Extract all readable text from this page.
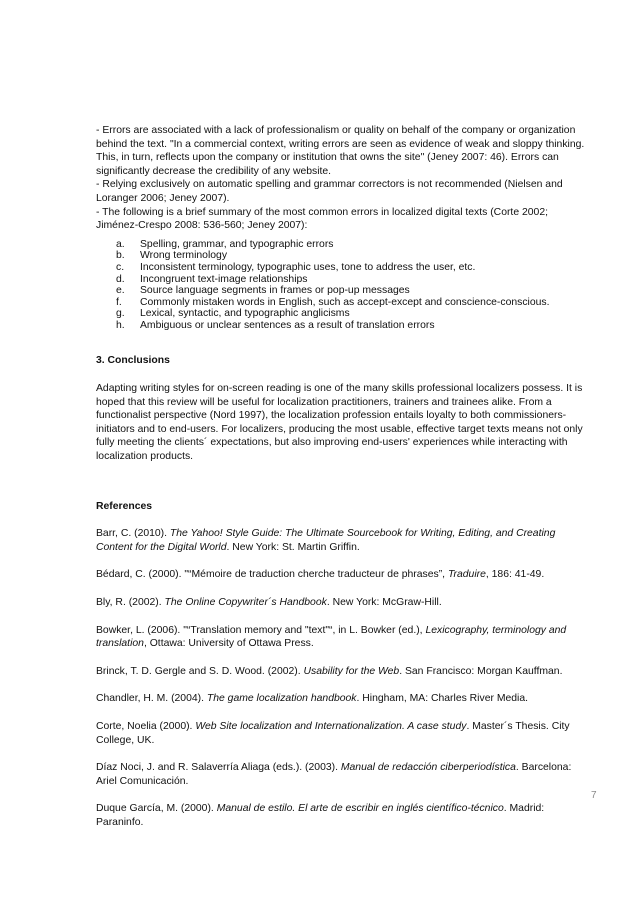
- Errors are associated with a lack of professionalism or quality on behalf of the company or organization behind the text. "In a commercial context, writing errors are seen as evidence of weak and sloppy thinking. This, in turn, reflects upon the company or institution that owns the site" (Jeney 2007: 46). Errors can significantly decrease the credibility of any website.

- Relying exclusively on automatic spelling and grammar correctors is not recommended (Nielsen and Loranger 2006; Jeney 2007).

- The following is a brief summary of the most common errors in localized digital texts (Corte 2002; Jiménez-Crespo 2008: 536-560; Jeney 2007):

a.	Spelling, grammar, and typographic errors
b.	Wrong terminology
c.	Inconsistent terminology, typographic uses, tone to address the user, etc.
d.	Incongruent text-image relationships
e.	Source language segments in frames or pop-up messages
f.	Commonly mistaken words in English, such as accept-except and conscience-conscious.
g.	Lexical, syntactic, and typographic anglicisms
h.	Ambiguous or unclear sentences as a result of translation errors
3. Conclusions

Adapting writing styles for on-screen reading is one of the many skills professional localizers possess. It is hoped that this review will be useful for localization practitioners, trainers and trainees alike. From a functionalist perspective (Nord 1997), the localization profession entails loyalty to both commissioners-initiators and to end-users. For localizers, producing the most usable, effective target texts means not only fully meeting the clients´ expectations, but also improving end-users' experiences while interacting with localization products.

References

Barr, C. (2010). The Yahoo! Style Guide: The Ultimate Sourcebook for Writing, Editing, and Creating Content for the Digital World. New York: St. Martin Griffin.

Bédard, C. (2000). "“Mémoire de traduction cherche traducteur de phrases”, Traduire, 186: 41-49.

Bly, R. (2002). The Online Copywriter´s Handbook. New York: McGraw-Hill.

Bowker, L. (2006). "“Translation memory and "text"“, in L. Bowker (ed.), Lexicography, terminology and translation, Ottawa: University of Ottawa Press.

Brinck, T. D. Gergle and S. D. Wood. (2002). Usability for the Web. San Francisco: Morgan Kauffman.

Chandler, H. M. (2004). The game localization handbook. Hingham, MA: Charles River Media.

Corte, Noelia (2000). Web Site localization and Internationalization. A case study. Master´s Thesis. City College, UK.

Díaz Noci, J. and R. Salaverría Aliaga (eds.). (2003). Manual de redacción ciberperiodística. Barcelona: Ariel Comunicación.

Duque García, M. (2000). Manual de estilo. El arte de escribir en inglés científico-técnico. Madrid: Paraninfo.

7
